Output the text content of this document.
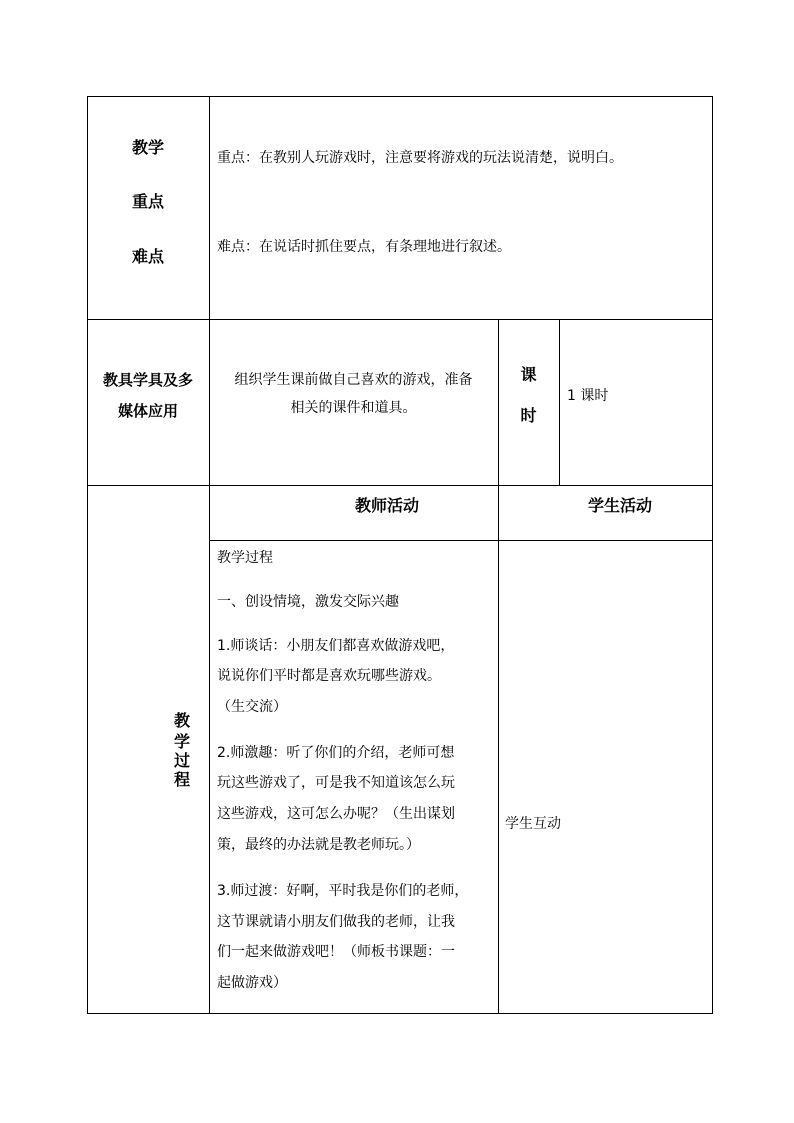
教学
重点
难点
重点：在教别人玩游戏时，注意要将游戏的玩法说清楚，说明白。
难点：在说话时抓住要点，有条理地进行叙述。
教具学具及多
媒体应用
组织学生课前做自己喜欢的游戏，准备
相关的课件和道具。
课
时
1 课时
教
学
过
程
教师活动	学生活动
教学过程
一、创设情境，激发交际兴趣
1.师谈话：小朋友们都喜欢做游戏吧，
说说你们平时都是喜欢玩哪些游戏。
（生交流）
2.师激趣：听了你们的介绍，老师可想
玩这些游戏了，可是我不知道该怎么玩
这些游戏，这可怎么办呢？（生出谋划
策，最终的办法就是教老师玩。）
3.师过渡：好啊，平时我是你们的老师，
这节课就请小朋友们做我的老师，让我
们一起来做游戏吧！（师板书课题：一
起做游戏）
学生互动
